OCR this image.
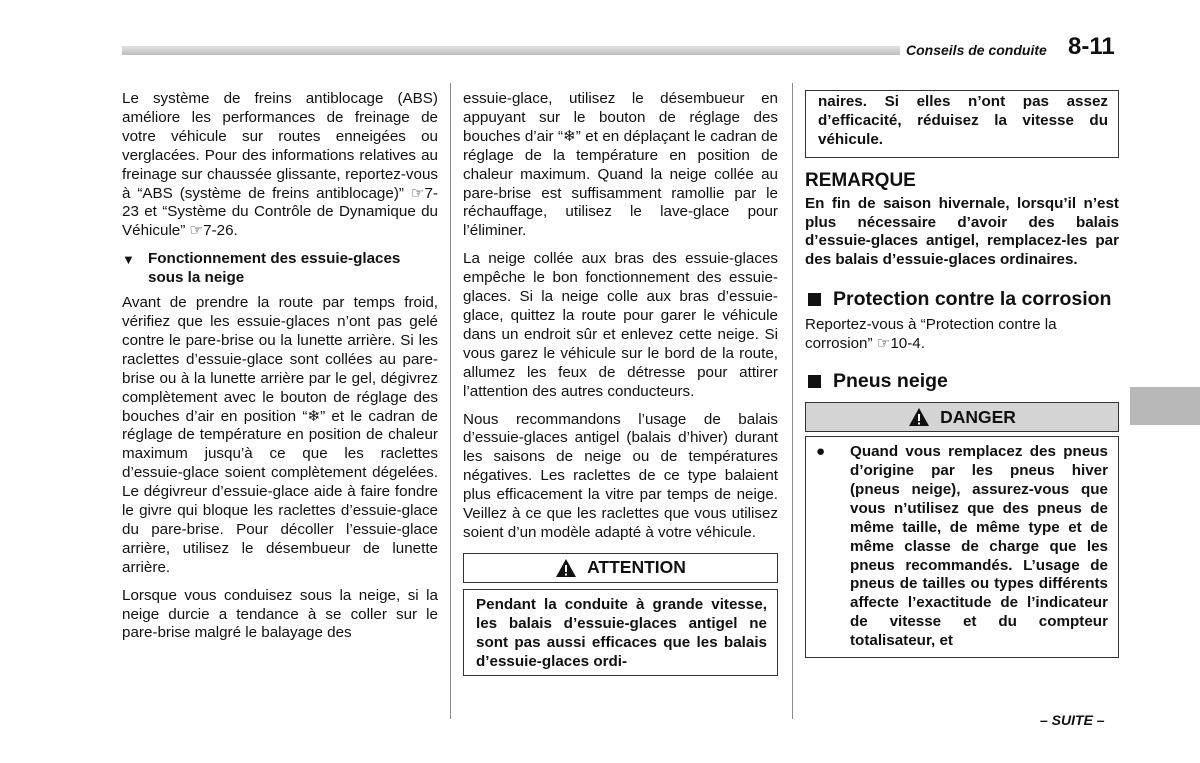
Conseils de conduite 8-11

Le système de freins antiblocage (ABS) améliore les performances de freinage de votre véhicule sur routes enneigées ou verglacées. Pour des informations relatives au freinage sur chaussée glissante, reportez-vous à “ABS (système de freins antiblocage)” ☞7-23 et “Système du Contrôle de Dynamique du Véhicule” ☞7-26.

▼ Fonctionnement des essuie-glaces sous la neige

Avant de prendre la route par temps froid, vérifiez que les essuie-glaces n’ont pas gelé contre le pare-brise ou la lunette arrière. Si les raclettes d’essuie-glace sont collées au pare-brise ou à la lunette arrière par le gel, dégivrez complètement avec le bouton de réglage des bouches d’air en position “❄” et le cadran de réglage de température en position de chaleur maximum jusqu’à ce que les raclettes d’essuie-glace soient complètement dégelées. Le dégivreur d’essuie-glace aide à faire fondre le givre qui bloque les raclettes d’essuie-glace du pare-brise. Pour décoller l’essuie-glace arrière, utilisez le désembueur de lunette arrière.

Lorsque vous conduisez sous la neige, si la neige durcie a tendance à se coller sur le pare-brise malgré le balayage des

essuie-glace, utilisez le désembueur en appuyant sur le bouton de réglage des bouches d’air “❄” et en déplaçant le cadran de réglage de la température en position de chaleur maximum. Quand la neige collée au pare-brise est suffisamment ramollie par le réchauffage, utilisez le lave-glace pour l’éliminer.

La neige collée aux bras des essuie-glaces empêche le bon fonctionnement des essuie-glaces. Si la neige colle aux bras d’essuie-glace, quittez la route pour garer le véhicule dans un endroit sûr et enlevez cette neige. Si vous garez le véhicule sur le bord de la route, allumez les feux de détresse pour attirer l’attention des autres conducteurs.

Nous recommandons l’usage de balais d’essuie-glaces antigel (balais d’hiver) durant les saisons de neige ou de températures négatives. Les raclettes de ce type balaient plus efficacement la vitre par temps de neige. Veillez à ce que les raclettes que vous utilisez soient d’un modèle adapté à votre véhicule.

ATTENTION
Pendant la conduite à grande vitesse, les balais d’essuie-glaces antigel ne sont pas aussi efficaces que les balais d’essuie-glaces ordi-
naires. Si elles n’ont pas assez d’efficacité, réduisez la vitesse du véhicule.
REMARQUE
En fin de saison hivernale, lorsqu’il n’est plus nécessaire d’avoir des balais d’essuie-glaces antigel, remplacez-les par des balais d’essuie-glaces ordinaires.
Protection contre la corrosion

Reportez-vous à “Protection contre la corrosion” ☞10-4.

Pneus neige
DANGER
●	Quand vous remplacez des pneus d’origine par les pneus hiver (pneus neige), assurez-vous que vous n’utilisez que des pneus de même taille, de même type et de même classe de charge que les pneus recommandés. L’usage de pneus de tailles ou types différents affecte l’exactitude de l’indicateur de vitesse et du compteur totalisateur, et
– SUITE –
